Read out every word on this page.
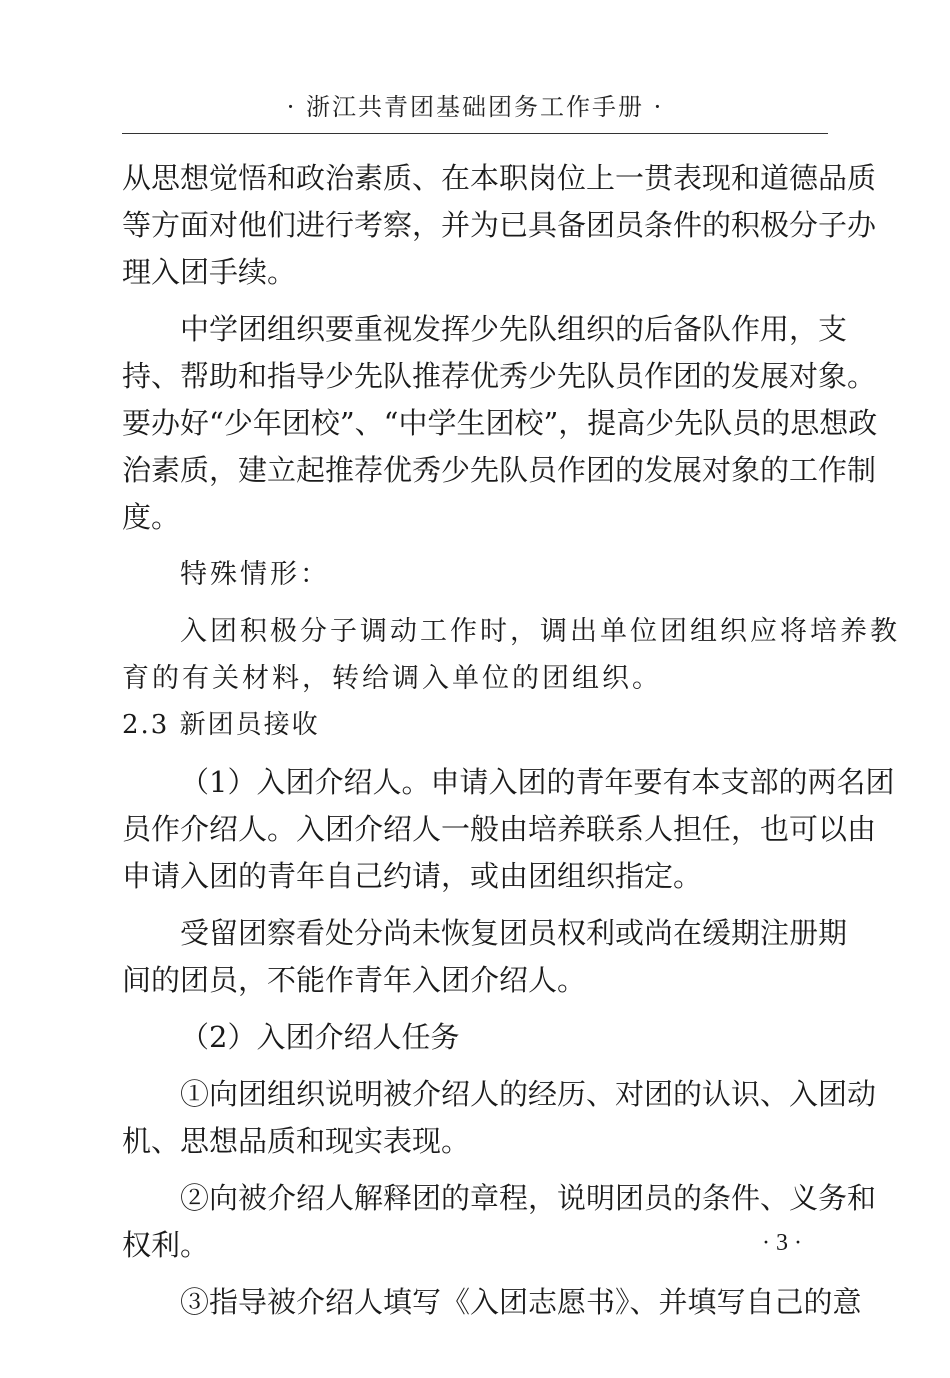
· 浙江共青团基础团务工作手册 ·
从思想觉悟和政治素质、在本职岗位上一贯表现和道德品质
等方面对他们进行考察，并为已具备团员条件的积极分子办
理入团手续。
中学团组织要重视发挥少先队组织的后备队作用，支
持、帮助和指导少先队推荐优秀少先队员作团的发展对象。
要办好“少年团校”、“中学生团校”，提高少先队员的思想政
治素质，建立起推荐优秀少先队员作团的发展对象的工作制
度。
特殊情形：
入团积极分子调动工作时，调出单位团组织应将培养教
育的有关材料，转给调入单位的团组织。
2.3 新团员接收
（1）入团介绍人。申请入团的青年要有本支部的两名团
员作介绍人。入团介绍人一般由培养联系人担任，也可以由
申请入团的青年自己约请，或由团组织指定。
受留团察看处分尚未恢复团员权利或尚在缓期注册期
间的团员，不能作青年入团介绍人。
（2）入团介绍人任务
①向团组织说明被介绍人的经历、对团的认识、入团动
机、思想品质和现实表现。
②向被介绍人解释团的章程，说明团员的条件、义务和
权利。
③指导被介绍人填写《入团志愿书》、并填写自己的意
· 3 ·
